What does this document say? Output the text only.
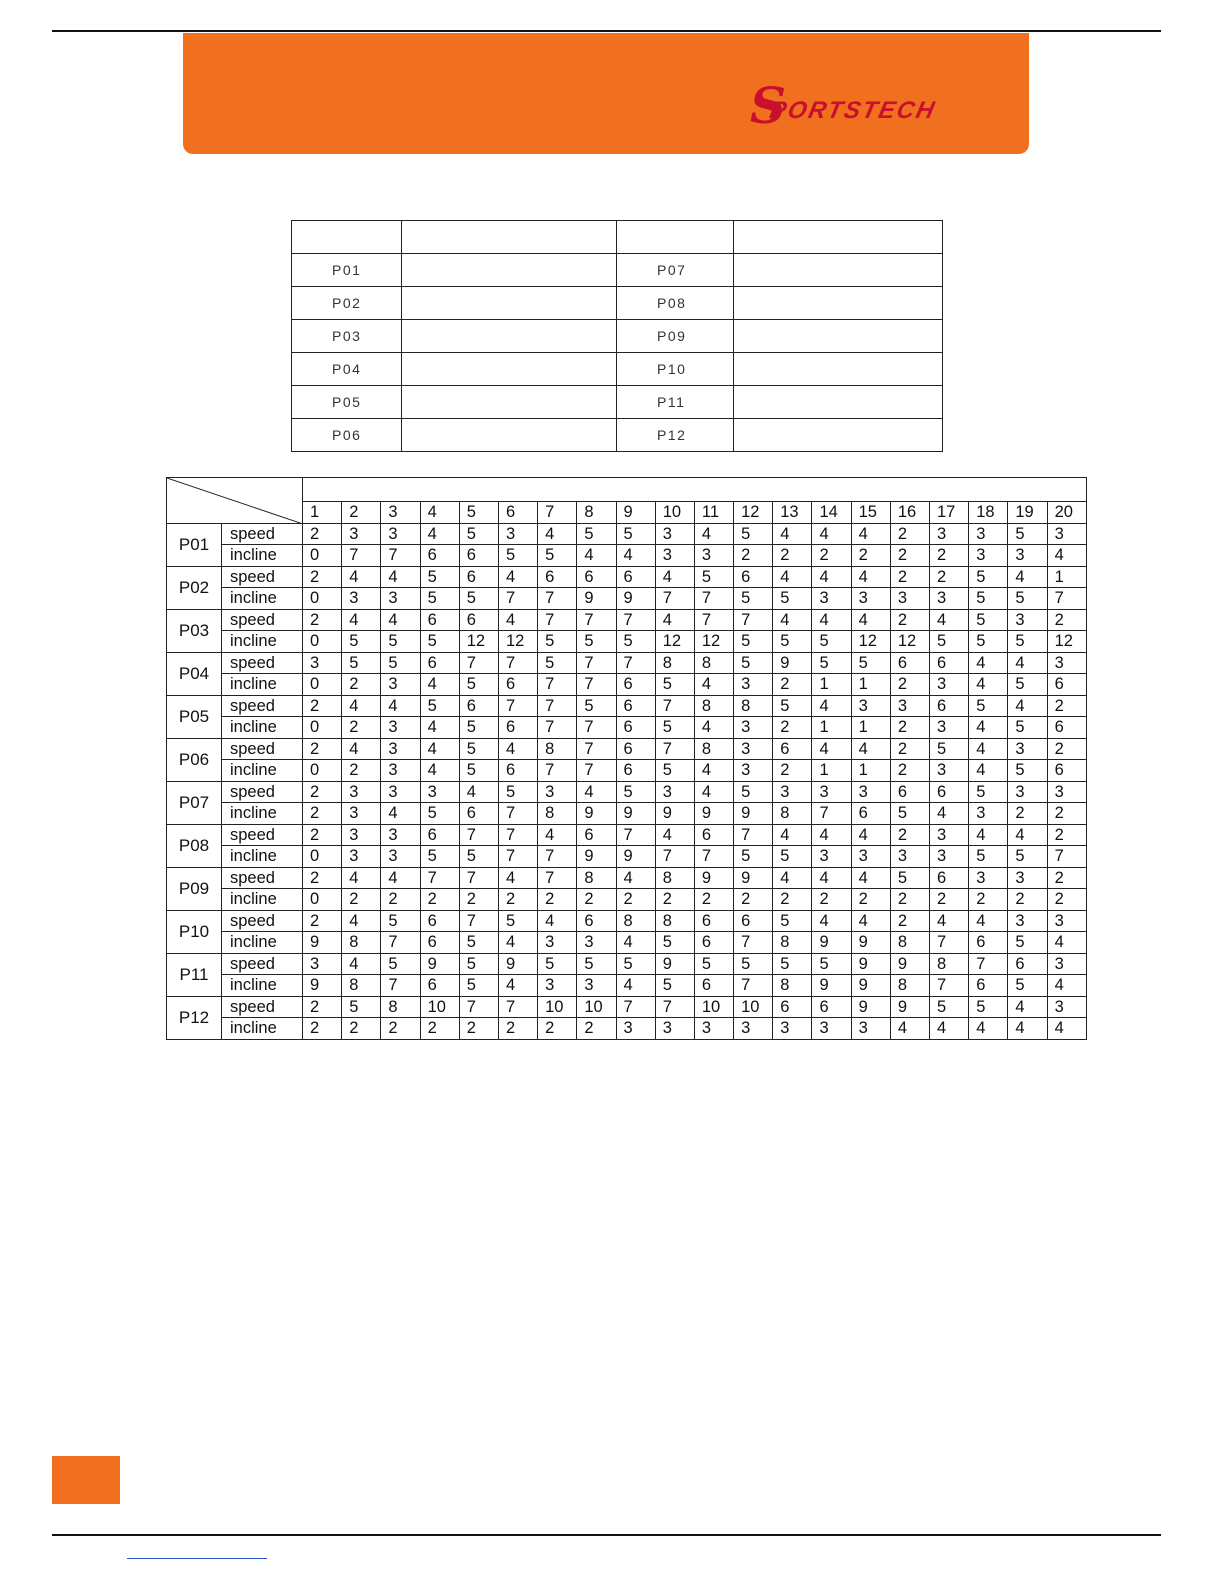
S
PORTSTECH

P01		P07	
P02		P08	
P03		P09	
P04		P10	
P05		P11	
P06		P12	

		1	2	3	4	5	6	7	8	9	10	11	12	13	14	15	16	17	18	19	20
P01	speed	2	3	3	4	5	3	4	5	5	3	4	5	4	4	4	2	3	3	5	3
	incline	0	7	7	6	6	5	5	4	4	3	3	2	2	2	2	2	2	3	3	4
P02	speed	2	4	4	5	6	4	6	6	6	4	5	6	4	4	4	2	2	5	4	1
	incline	0	3	3	5	5	7	7	9	9	7	7	5	5	3	3	3	3	5	5	7
P03	speed	2	4	4	6	6	4	7	7	7	4	7	7	4	4	4	2	4	5	3	2
	incline	0	5	5	5	12	12	5	5	5	12	12	5	5	5	12	12	5	5	5	12
P04	speed	3	5	5	6	7	7	5	7	7	8	8	5	9	5	5	6	6	4	4	3
	incline	0	2	3	4	5	6	7	7	6	5	4	3	2	1	1	2	3	4	5	6
P05	speed	2	4	4	5	6	7	7	5	6	7	8	8	5	4	3	3	6	5	4	2
	incline	0	2	3	4	5	6	7	7	6	5	4	3	2	1	1	2	3	4	5	6
P06	speed	2	4	3	4	5	4	8	7	6	7	8	3	6	4	4	2	5	4	3	2
	incline	0	2	3	4	5	6	7	7	6	5	4	3	2	1	1	2	3	4	5	6
P07	speed	2	3	3	3	4	5	3	4	5	3	4	5	3	3	3	6	6	5	3	3
	incline	2	3	4	5	6	7	8	9	9	9	9	9	8	7	6	5	4	3	2	2
P08	speed	2	3	3	6	7	7	4	6	7	4	6	7	4	4	4	2	3	4	4	2
	incline	0	3	3	5	5	7	7	9	9	7	7	5	5	3	3	3	3	5	5	7
P09	speed	2	4	4	7	7	4	7	8	4	8	9	9	4	4	4	5	6	3	3	2
	incline	0	2	2	2	2	2	2	2	2	2	2	2	2	2	2	2	2	2	2	2
P10	speed	2	4	5	6	7	5	4	6	8	8	6	6	5	4	4	2	4	4	3	3
	incline	9	8	7	6	5	4	3	3	4	5	6	7	8	9	9	8	7	6	5	4
P11	speed	3	4	5	9	5	9	5	5	5	9	5	5	5	5	9	9	8	7	6	3
	incline	9	8	7	6	5	4	3	3	4	5	6	7	8	9	9	8	7	6	5	4
P12	speed	2	5	8	10	7	7	10	10	7	7	10	10	6	6	9	9	5	5	4	3
	incline	2	2	2	2	2	2	2	2	3	3	3	3	3	3	3	4	4	4	4	4
